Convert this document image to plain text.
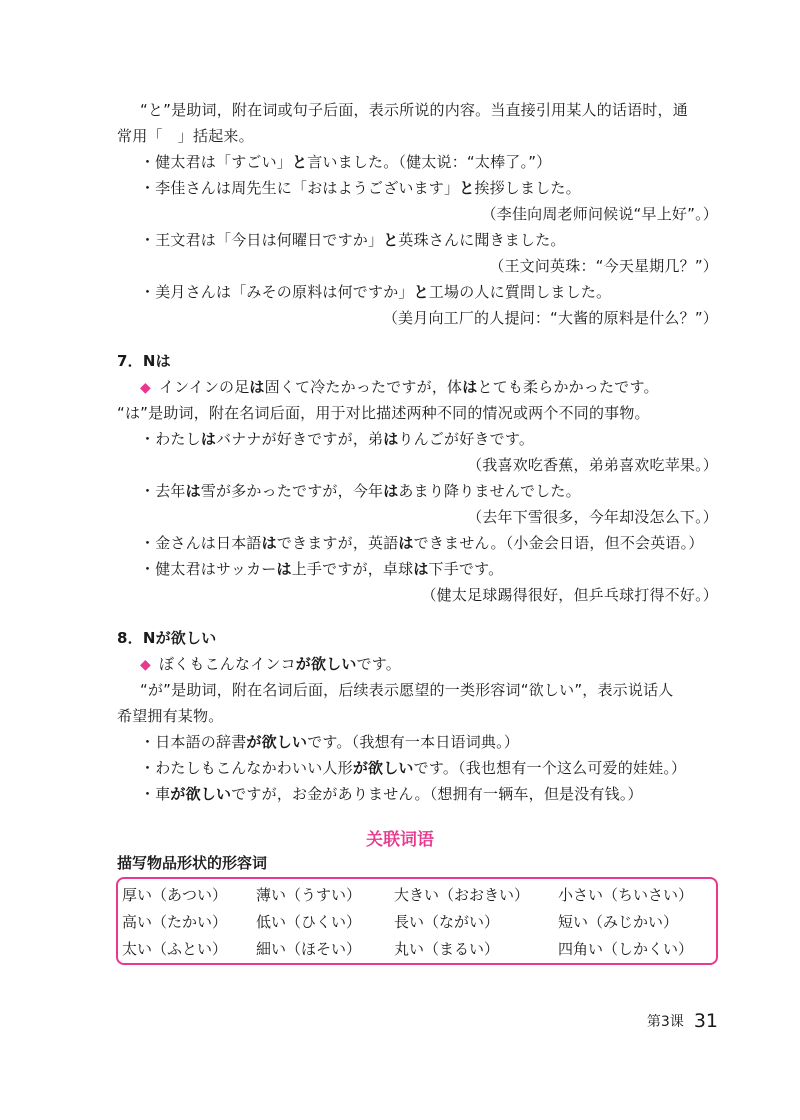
“と”是助词，附在词或句子后面，表示所说的内容。当直接引用某人的话语时，通
常用「　」括起来。
・健太君は「すごい」と言いました。（健太说：“太棒了。”）
・李佳さんは周先生に「おはようございます」と挨拶しました。
（李佳向周老师问候说“早上好”。）
・王文君は「今日は何曜日ですか」と英珠さんに聞きました。
（王文问英珠：“今天星期几？”）
・美月さんは「みその原料は何ですか」と工場の人に質問しました。
（美月向工厂的人提问：“大酱的原料是什么？”）
7．Nは
◆ インインの足は固くて冷たかったですが，体はとても柔らかかったです。
“は”是助词，附在名词后面，用于对比描述两种不同的情况或两个不同的事物。
・わたしはバナナが好きですが，弟はりんごが好きです。
（我喜欢吃香蕉，弟弟喜欢吃苹果。）
・去年は雪が多かったですが，今年はあまり降りませんでした。
（去年下雪很多，今年却没怎么下。）
・金さんは日本語はできますが，英語はできません。（小金会日语，但不会英语。）
・健太君はサッカーは上手ですが，卓球は下手です。
（健太足球踢得很好，但乒乓球打得不好。）
8．Nが欲しい
◆ ぼくもこんなインコが欲しいです。
“が”是助词，附在名词后面，后续表示愿望的一类形容词“欲しい”，表示说话人
希望拥有某物。
・日本語の辞書が欲しいです。（我想有一本日语词典。）
・わたしもこんなかわいい人形が欲しいです。（我也想有一个这么可爱的娃娃。）
・車が欲しいですが，お金がありません。（想拥有一辆车，但是没有钱。）
关联词语
描写物品形状的形容词
厚い（あつい） 薄い（うすい） 大きい（おおきい） 小さい（ちいさい）
高い（たかい） 低い（ひくい） 長い（ながい）	短い（みじかい）
太い（ふとい） 細い（ほそい） 丸い（まるい）	四角い（しかくい）
第3课 31
